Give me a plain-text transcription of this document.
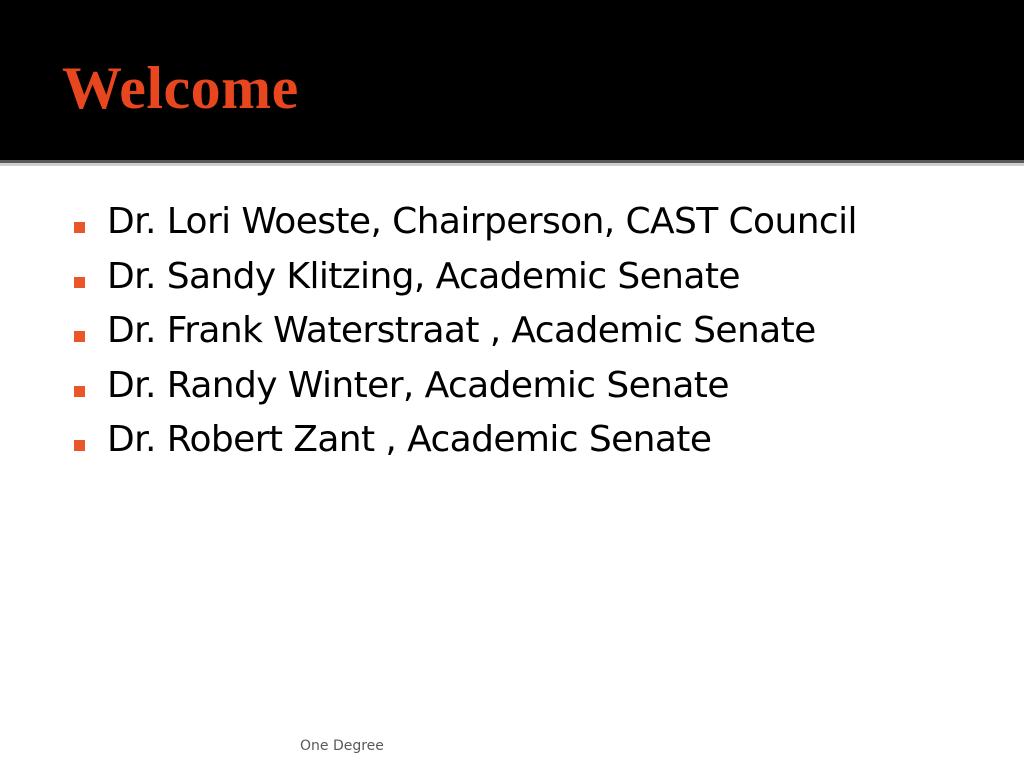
Welcome
Dr. Lori Woeste, Chairperson, CAST Council
Dr. Sandy Klitzing, Academic Senate
Dr. Frank Waterstraat , Academic Senate
Dr. Randy Winter, Academic Senate
Dr. Robert Zant , Academic Senate
One Degree
